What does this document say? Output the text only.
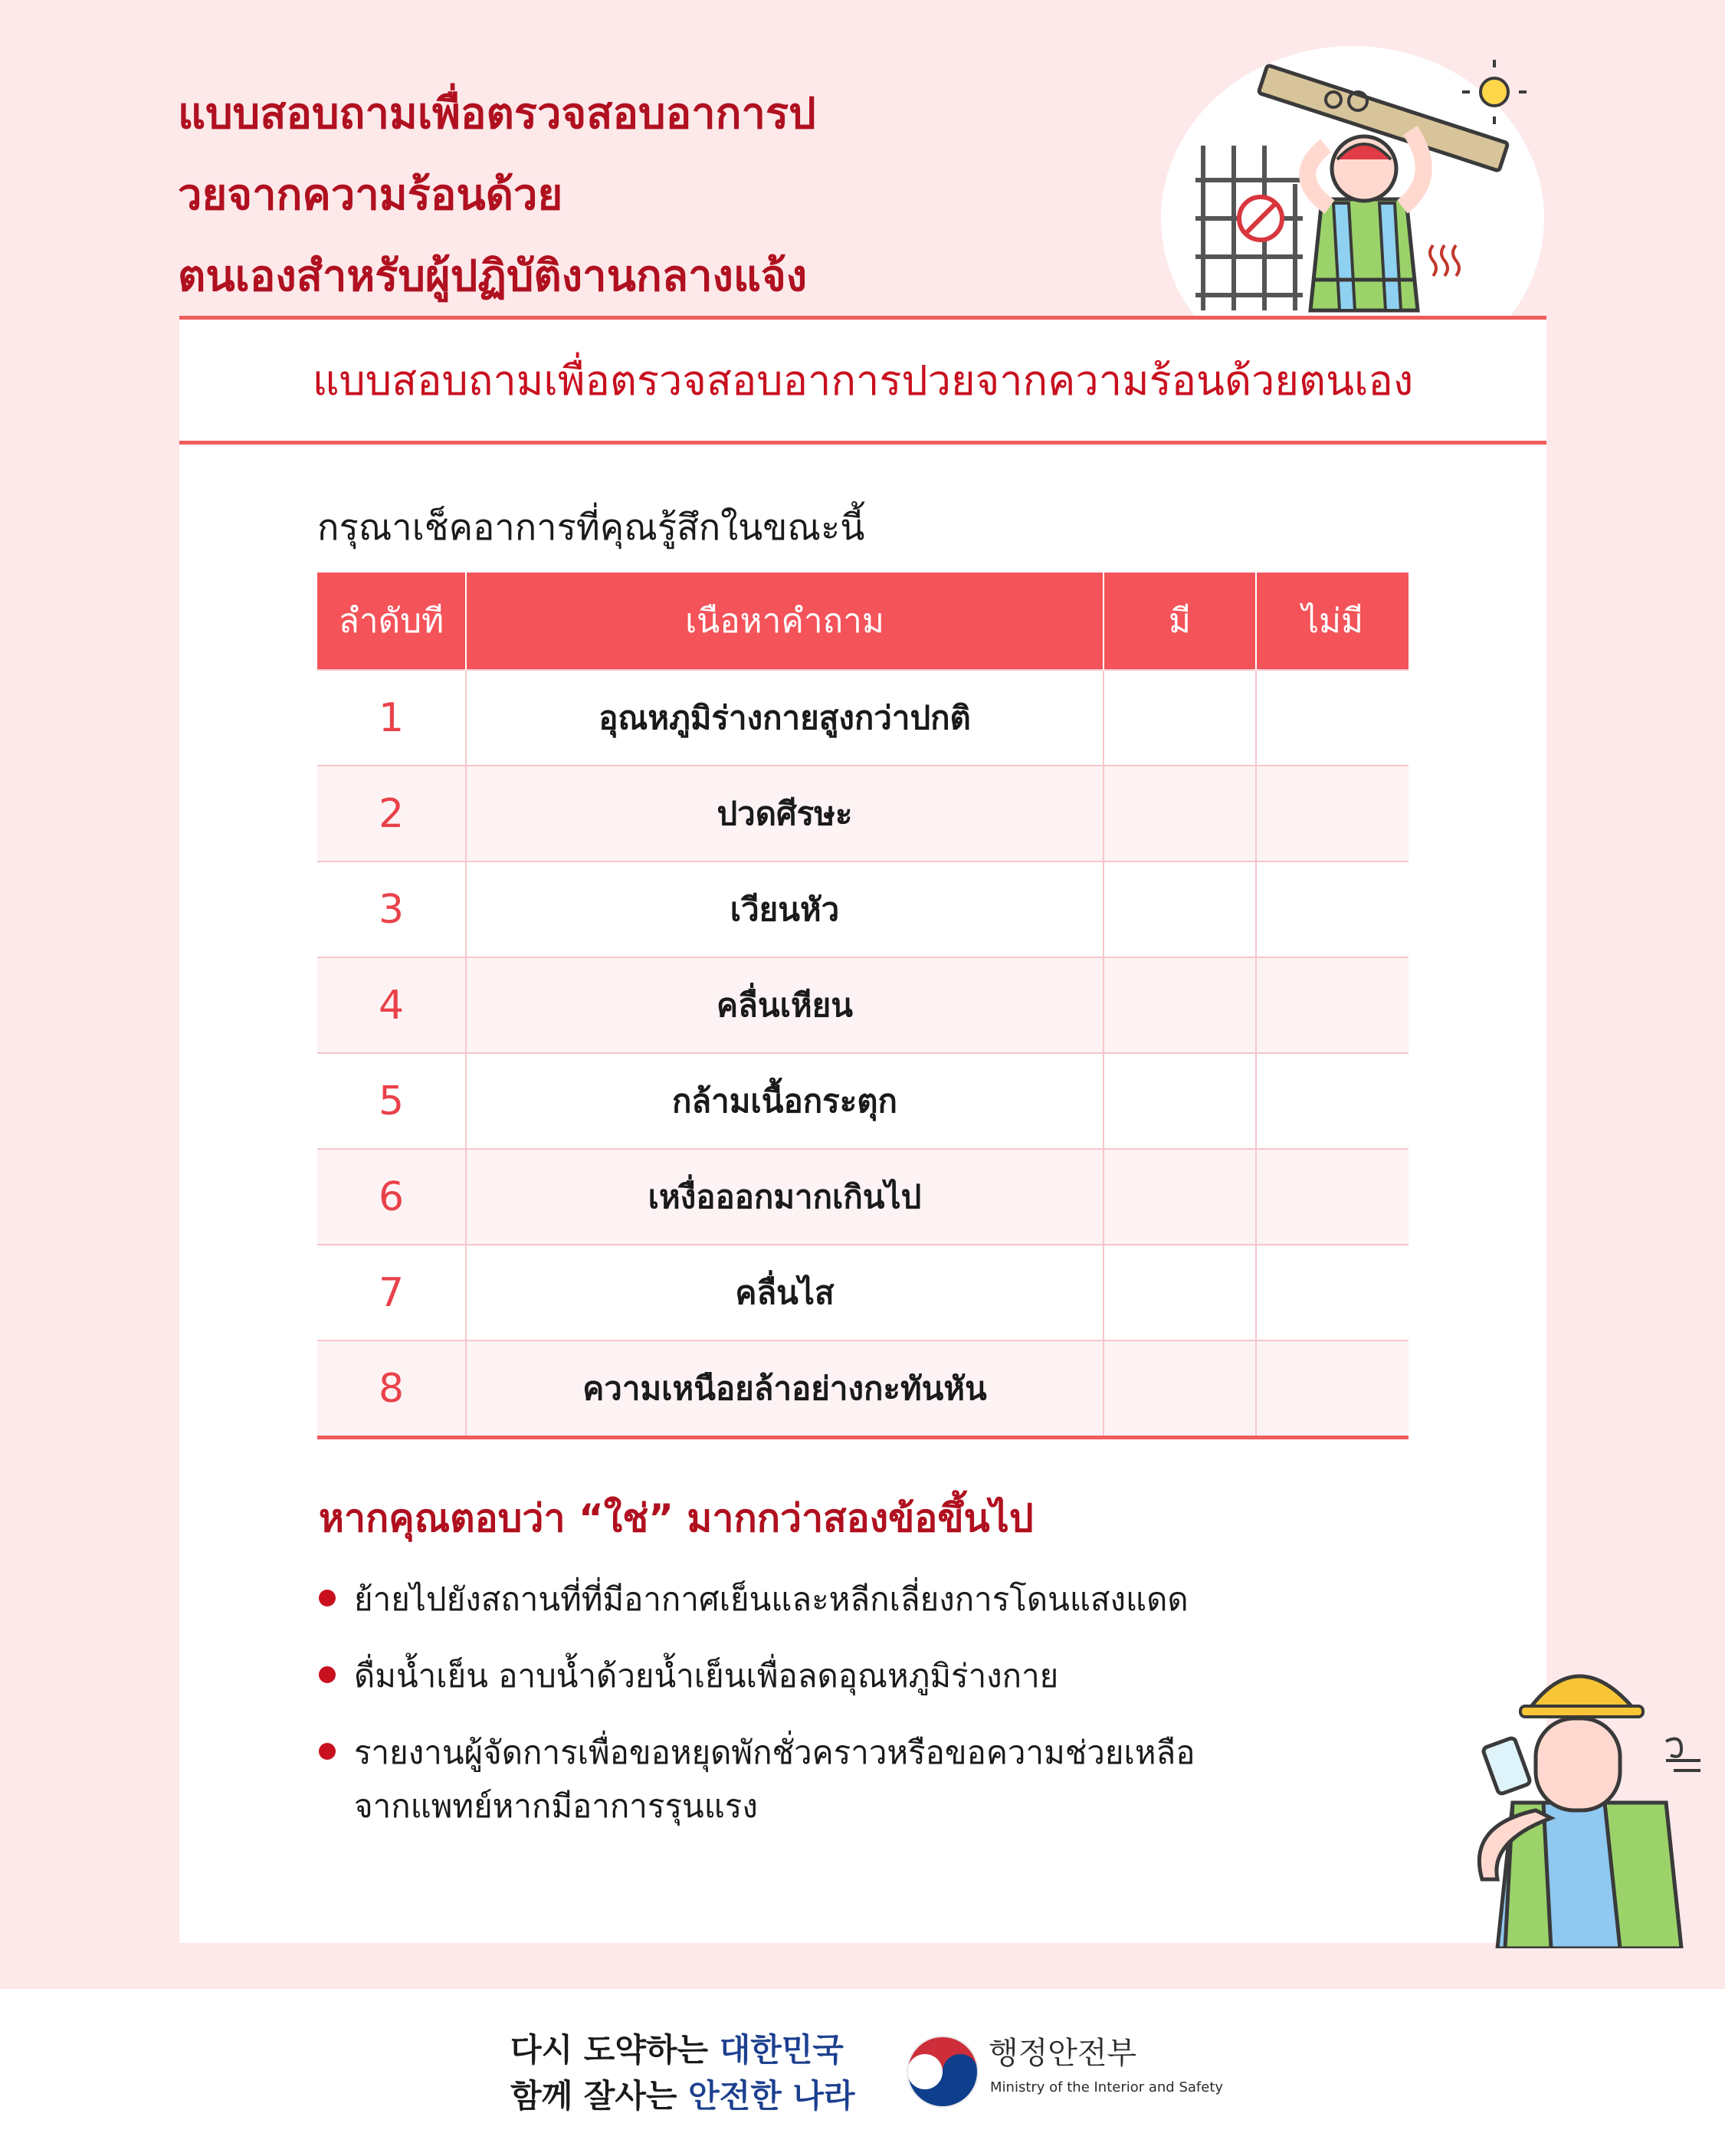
แบบสอบถามเพื่อตรวจสอบอาการป
วยจากความร้อนด้วย
ตนเองสำหรับผู้ปฏิบัติงานกลางแจ้ง
แบบสอบถามเพื่อตรวจสอบอาการปวยจากความร้อนด้วยตนเอง
กรุณาเช็คอาการที่คุณรู้สึกในขณะนี้
ลำดับที	เนือหาคำถาม	มี	ไม่มี
1	อุณหภูมิร่างกายสูงกว่าปกติ		
2	ปวดศีรษะ		
3	เวียนหัว		
4	คลื่นเหียน		
5	กล้ามเนื้อกระตุก		
6	เหงื่อออกมากเกินไป		
7	คลื่นไส		
8	ความเหนือยล้าอย่างกะทันหัน		
หากคุณตอบว่า “ใช่” มากกว่าสองข้อขึ้นไป
ย้ายไปยังสถานที่ที่มีอากาศเย็นและหลีกเลี่ยงการโดนแสงแดด
ดื่มน้ำเย็น อาบน้ำด้วยน้ำเย็นเพื่อลดอุณหภูมิร่างกาย
รายงานผู้จัดการเพื่อขอหยุดพักชั่วคราวหรือขอความช่วยเหลือจากแพทย์หากมีอาการรุนแรง
다시 도약하는 대한민국
함께 잘사는 안전한 나라
행정안전부
Ministry of the Interior and Safety
